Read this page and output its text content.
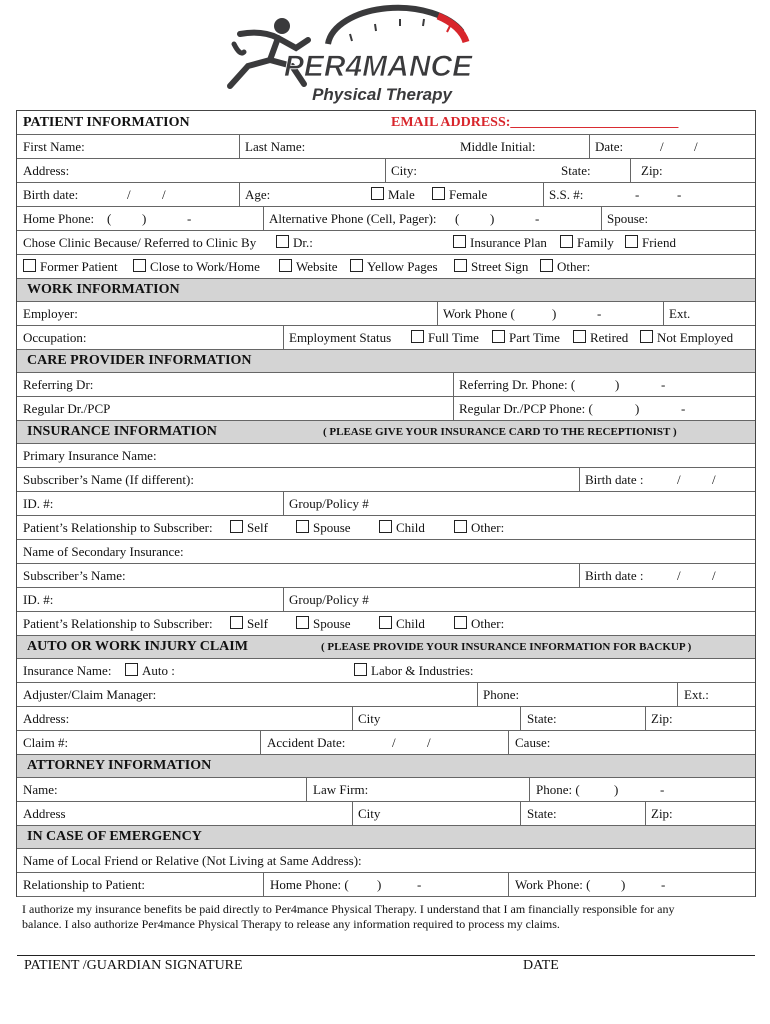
PER4MANCE
Physical Therapy
PATIENT INFORMATION	EMAIL ADDRESS:________________________
First Name:	Last Name:	Middle Initial:	Date:	/ /
Address:	City:	State:	Zip:
Birth date:	/ /	Age:	Male	Female	S.S. #:	-	-
Home Phone: ( )	-	Alternative Phone (Cell, Pager): ( )	-	Spouse:
Chose Clinic Because/ Referred to Clinic By	Dr.:	Insurance Plan	Family	Friend
Former Patient	Close to Work/Home	Website	Yellow Pages	Street Sign	Other:
WORK INFORMATION
Employer:	Work Phone (	)	-	Ext.
Occupation:	Employment Status	Full Time	Part Time	Retired	Not Employed
CARE PROVIDER INFORMATION
Referring Dr:	Referring Dr. Phone: (	)	-
Regular Dr./PCP	Regular Dr./PCP Phone: (	)	-
INSURANCE INFORMATION	( PLEASE GIVE YOUR INSURANCE CARD TO THE RECEPTIONIST )
Primary Insurance Name:
Subscriber’s Name (If different):	Birth date :	/ /
ID. #:	Group/Policy #
Patient’s Relationship to Subscriber:	Self	Spouse	Child	Other:
Name of Secondary Insurance:
Subscriber’s Name:	Birth date :	/ /
ID. #:	Group/Policy #
Patient’s Relationship to Subscriber:	Self	Spouse	Child	Other:
AUTO OR WORK INJURY CLAIM	( PLEASE PROVIDE YOUR INSURANCE INFORMATION FOR BACKUP )
Insurance Name:	Auto :	Labor & Industries:
Adjuster/Claim Manager:	Phone:	Ext.:
Address:	City	State:	Zip:
Claim #:	Accident Date:	/ /	Cause:
ATTORNEY INFORMATION
Name:	Law Firm:	Phone: (	)	-
Address	City	State:	Zip:
IN CASE OF EMERGENCY
Name of Local Friend or Relative (Not Living at Same Address):
Relationship to Patient:	Home Phone: ( )	-	Work Phone: ( )	-
I authorize my insurance benefits be paid directly to Per4mance Physical Therapy. I understand that I am financially responsible for any
balance. I also authorize Per4mance Physical Therapy to release any information required to process my claims.
PATIENT /GUARDIAN SIGNATURE	DATE
